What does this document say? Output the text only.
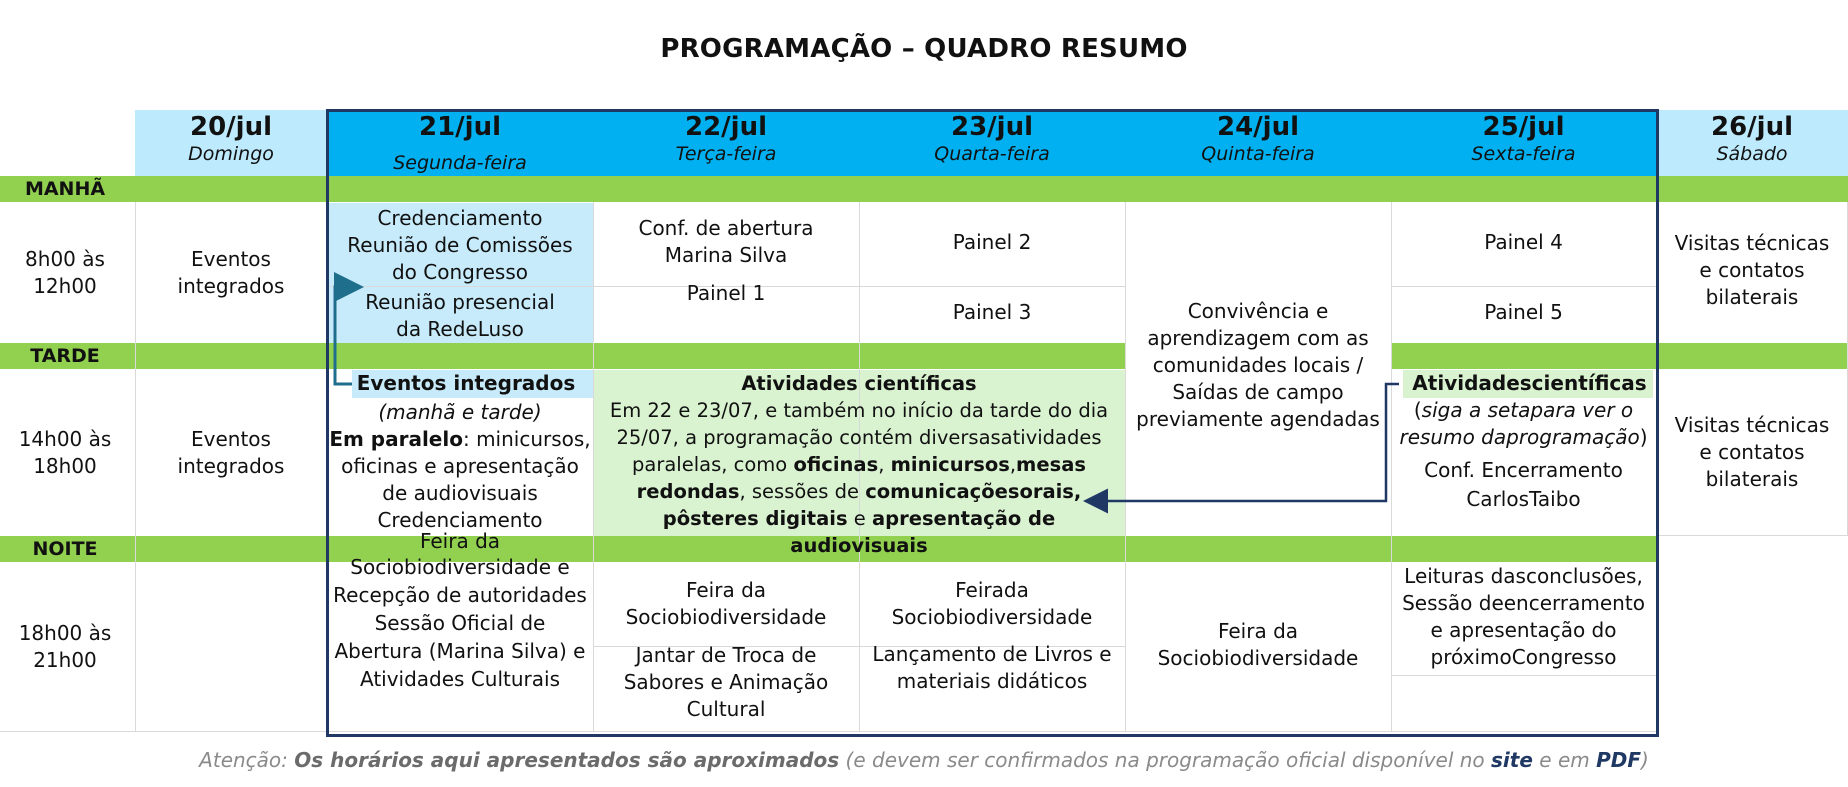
PROGRAMAÇÃO – QUADRO RESUMO
20/jul
Domingo
21/jul
Segunda-feira
22/jul
Terça-feira
23/jul
Quarta-feira
24/jul
Quinta-feira
25/jul
Sexta-feira
26/jul
Sábado
MANHÃ
TARDE
NOITE
8h00 às
12h00
14h00 às
18h00
18h00 às
21h00
Eventos
integrados
Eventos
integrados
Credenciamento
Reunião de Comissões
do Congresso
Reunião presencial
da RedeLuso
Conf. de abertura
Marina Silva
Painel 1
Painel 2
Painel 3	Convivência e
aprendizagem com as
comunidades locais /
Saídas de campo
previamente agendadas
Painel 4
Painel 5
Visitas técnicas
e contatos
bilaterais
Visitas técnicas
e contatos
bilaterais
Eventos integrados
(manhã e tarde)
Em paralelo: minicursos,
oficinas e apresentação
de audiovisuais
Credenciamento
Atividades científicas
Em 22 e 23/07, e também no início da tarde do dia
25/07, a programação contém diversasatividades
paralelas, como oficinas, minicursos,mesas
redondas, sessões de comunicaçõesorais,
pôsteres digitais e apresentação de audiovisuais
Atividadescientíficas
(siga a setapara ver o
resumo daprogramação)
Conf. Encerramento
CarlosTaibo
Feira da
Sociobiodiversidade e
Recepção de autoridades
Sessão Oficial de
Abertura (Marina Silva) e
Atividades Culturais
Feira da
Sociobiodiversidade
Jantar de Troca de
Sabores e Animação
Cultural
Feirada
Sociobiodiversidade
Lançamento de Livros e
materiais didáticos
Feira da
Sociobiodiversidade
Leituras dasconclusões,
Sessão deencerramento
e apresentação do
próximoCongresso
Atenção: Os horários aqui apresentados são aproximados (e devem ser confirmados na programação oficial disponível no site e em PDF)
